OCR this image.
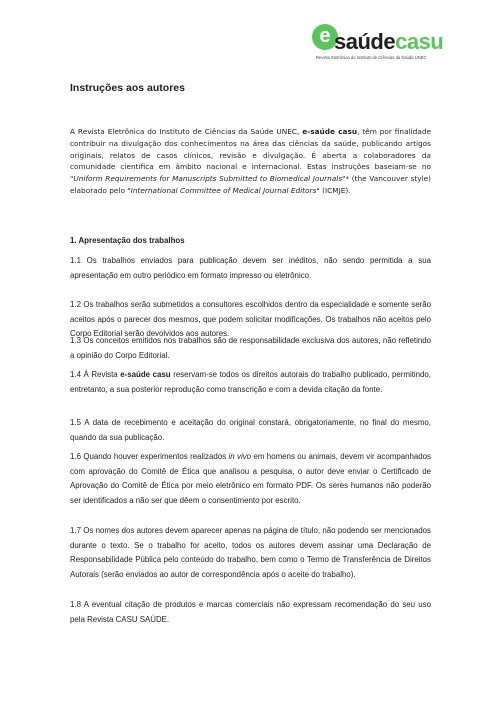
e saúdecasu
Revista Eletrônica do Instituto de Ciências da Saúde UNEC
Instruções aos autores

A Revista Eletrônica do Instituto de Ciências da Saúde UNEC, e-saúde casu, têm por finalidade contribuir na divulgação dos conhecimentos na área das ciências da saúde, publicando artigos originais, relatos de casos clínicos, revisão e divulgação. É aberta a colaboradores da comunidade científica em âmbito nacional e internacional. Estas instruções baseiam-se no "Uniform Requirements for Manuscripts Submitted to Biomedical Journals"* (the Vancouver style) elaborado pelo "International Committee of Medical Journal Editors" (ICMJE).

1. Apresentação dos trabalhos

1.1 Os trabalhos enviados para publicação devem ser inéditos, não sendo permitida a sua apresentação em outro periódico em formato impresso ou eletrônico.

1.2 Os trabalhos serão submetidos a consultores escolhidos dentro da especialidade e somente serão aceitos após o parecer dos mesmos, que podem solicitar modificações. Os trabalhos não aceitos pelo Corpo Editorial serão devolvidos aos autores.

1.3 Os conceitos emitidos nos trabalhos são de responsabilidade exclusiva dos autores, não refletindo a opinião do Corpo Editorial.

1.4 À Revista e-saúde casu reservam-se todos os direitos autorais do trabalho publicado, permitindo, entretanto, a sua posterior reprodução como transcrição e com a devida citação da fonte.

1.5 A data de recebimento e aceitação do original constará, obrigatoriamente, no final do mesmo, quando da sua publicação.

1.6 Quando houver experimentos realizados in vivo em homens ou animais, devem vir acompanhados com aprovação do Comitê de Ética que analisou a pesquisa, o autor deve enviar o Certificado de Aprovação do Comitê de Ética por meio eletrônico em formato PDF. Os seres humanos não poderão ser identificados a não ser que dêem o consentimento por escrito.

1.7 Os nomes dos autores devem aparecer apenas na página de título, não podendo ser mencionados durante o texto. Se o trabalho for aceito, todos os autores devem assinar uma Declaração de Responsabilidade Pública pelo conteúdo do trabalho, bem como o Termo de Transferência de Direitos Autorais (serão enviados ao autor de correspondência após o aceite do trabalho).

1.8 A eventual citação de produtos e marcas comerciais não expressam recomendação do seu uso pela Revista CASU SAÚDE.
